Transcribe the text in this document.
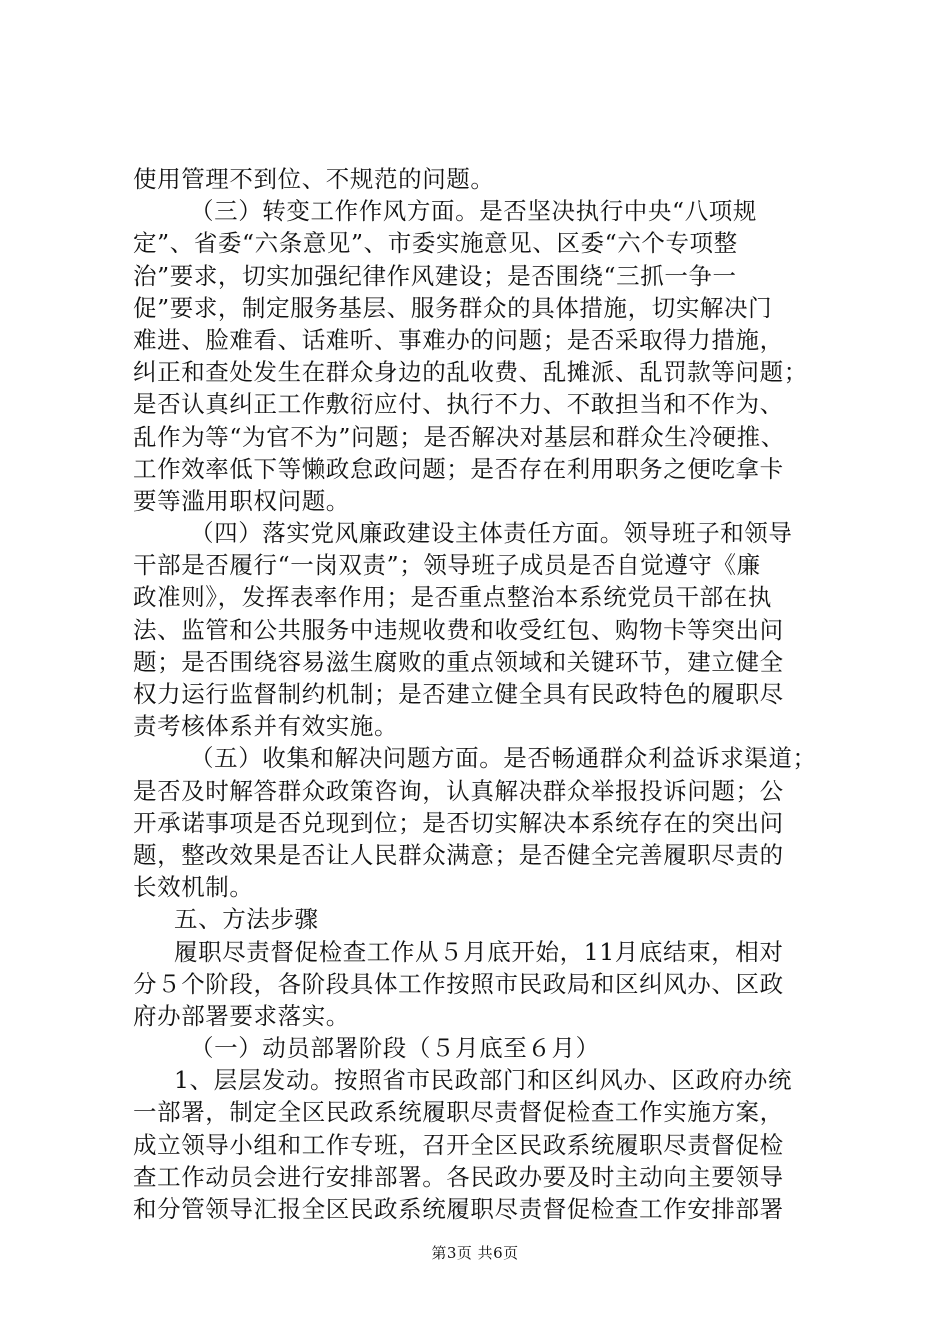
使用管理不到位、不规范的问题。
（三）转变工作作风方面。是否坚决执行中央“八项规
定”、省委“六条意见”、市委实施意见、区委“六个专项整
治”要求，切实加强纪律作风建设；是否围绕“三抓一争一
促”要求，制定服务基层、服务群众的具体措施，切实解决门
难进、脸难看、话难听、事难办的问题；是否采取得力措施，
纠正和查处发生在群众身边的乱收费、乱摊派、乱罚款等问题；
是否认真纠正工作敷衍应付、执行不力、不敢担当和不作为、
乱作为等“为官不为”问题；是否解决对基层和群众生冷硬推、
工作效率低下等懒政怠政问题；是否存在利用职务之便吃拿卡
要等滥用职权问题。
（四）落实党风廉政建设主体责任方面。领导班子和领导
干部是否履行“一岗双责”；领导班子成员是否自觉遵守《廉
政准则》，发挥表率作用；是否重点整治本系统党员干部在执
法、监管和公共服务中违规收费和收受红包、购物卡等突出问
题；是否围绕容易滋生腐败的重点领域和关键环节，建立健全
权力运行监督制约机制；是否建立健全具有民政特色的履职尽
责考核体系并有效实施。
（五）收集和解决问题方面。是否畅通群众利益诉求渠道；
是否及时解答群众政策咨询，认真解决群众举报投诉问题；公
开承诺事项是否兑现到位；是否切实解决本系统存在的突出问
题，整改效果是否让人民群众满意；是否健全完善履职尽责的
长效机制。
五、方法步骤
履职尽责督促检查工作从５月底开始，11月底结束，相对
分５个阶段，各阶段具体工作按照市民政局和区纠风办、区政
府办部署要求落实。
（一）动员部署阶段（５月底至６月）
1、层层发动。按照省市民政部门和区纠风办、区政府办统
一部署，制定全区民政系统履职尽责督促检查工作实施方案，
成立领导小组和工作专班，召开全区民政系统履职尽责督促检
查工作动员会进行安排部署。各民政办要及时主动向主要领导
和分管领导汇报全区民政系统履职尽责督促检查工作安排部署
第3页 共6页
